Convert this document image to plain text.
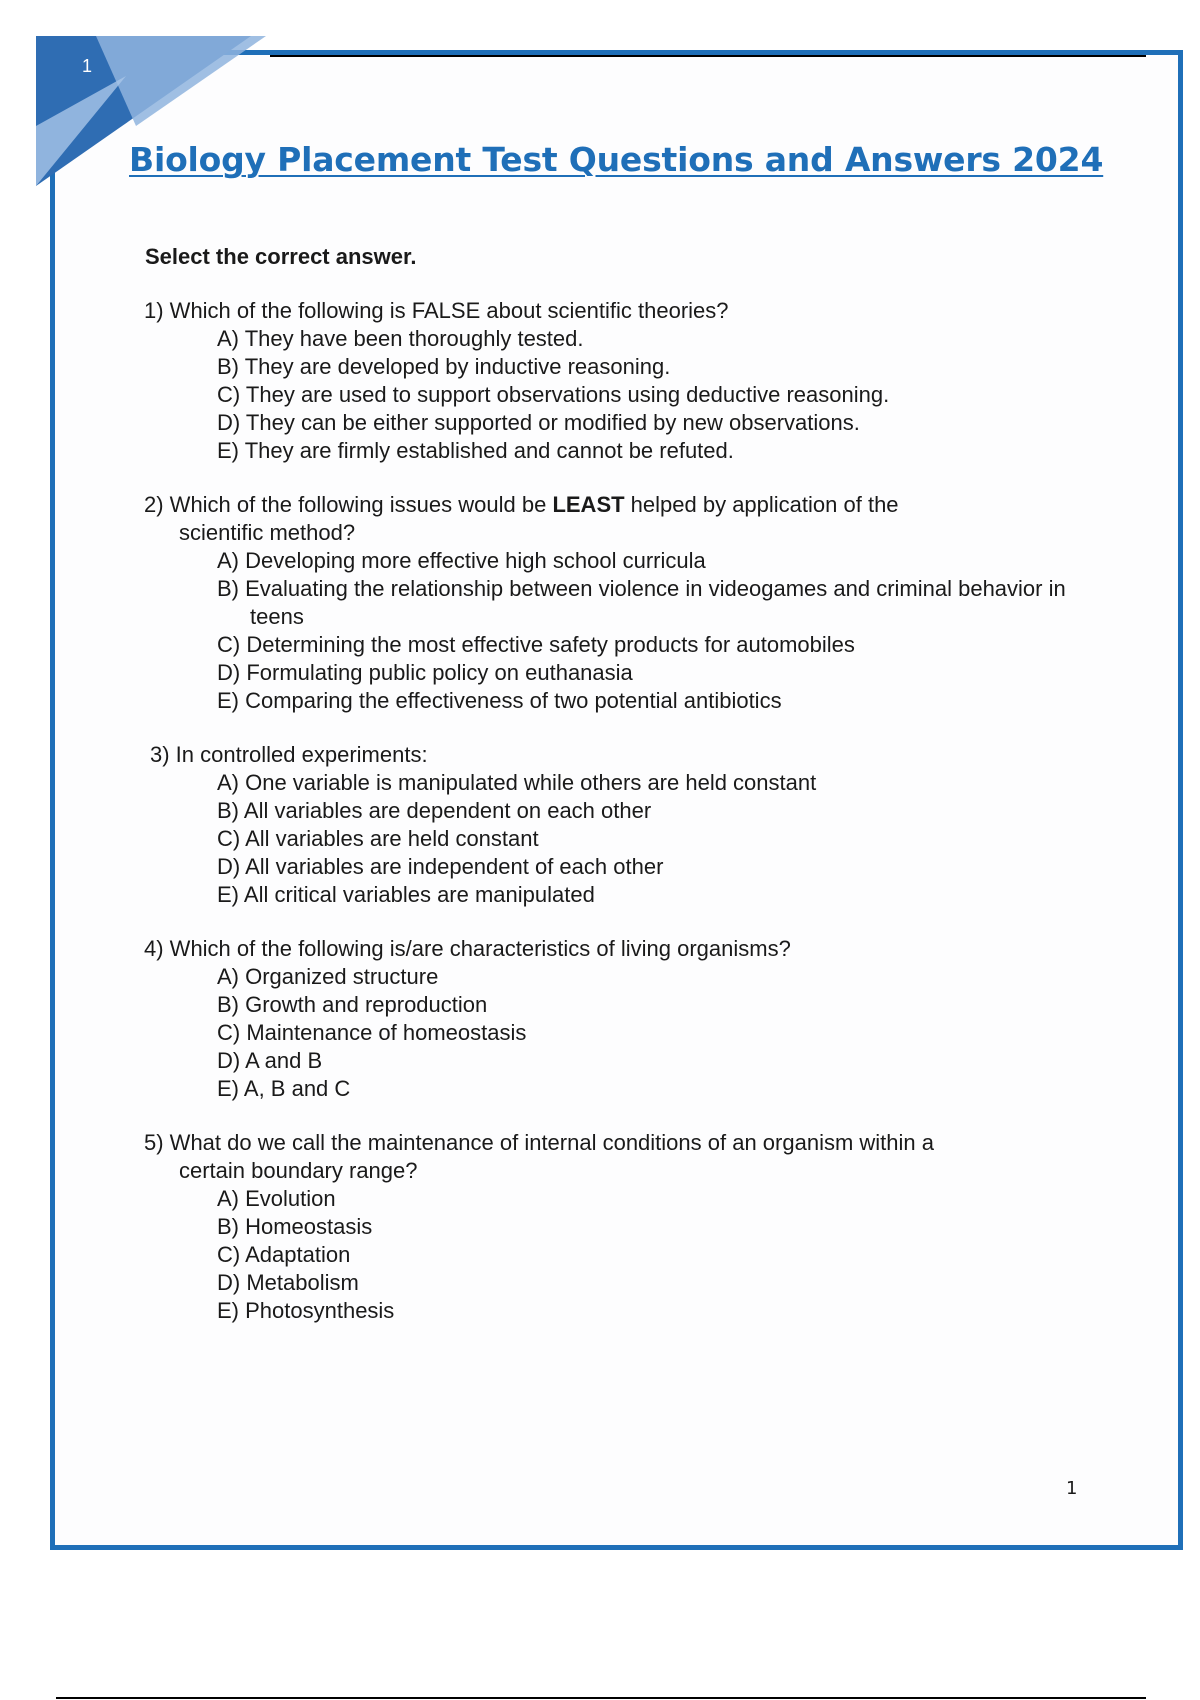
1
Biology Placement Test Questions and Answers 2024
Select the correct answer.
1) Which of the following is FALSE about scientific theories?
A) They have been thoroughly tested.
B) They are developed by inductive reasoning.
C) They are used to support observations using deductive reasoning.
D) They can be either supported or modified by new observations.
E) They are firmly established and cannot be refuted.
2) Which of the following issues would be LEAST helped by application of the
scientific method?
A) Developing more effective high school curricula
B) Evaluating the relationship between violence in videogames and criminal behavior in teens
C) Determining the most effective safety products for automobiles
D) Formulating public policy on euthanasia
E) Comparing the effectiveness of two potential antibiotics
3) In controlled experiments:
A) One variable is manipulated while others are held constant
B) All variables are dependent on each other
C) All variables are held constant
D) All variables are independent of each other
E) All critical variables are manipulated
4) Which of the following is/are characteristics of living organisms?
A) Organized structure
B) Growth and reproduction
C) Maintenance of homeostasis
D) A and B
E) A, B and C
5) What do we call the maintenance of internal conditions of an organism within a
certain boundary range?
A) Evolution
B) Homeostasis
C) Adaptation
D) Metabolism
E) Photosynthesis
1
